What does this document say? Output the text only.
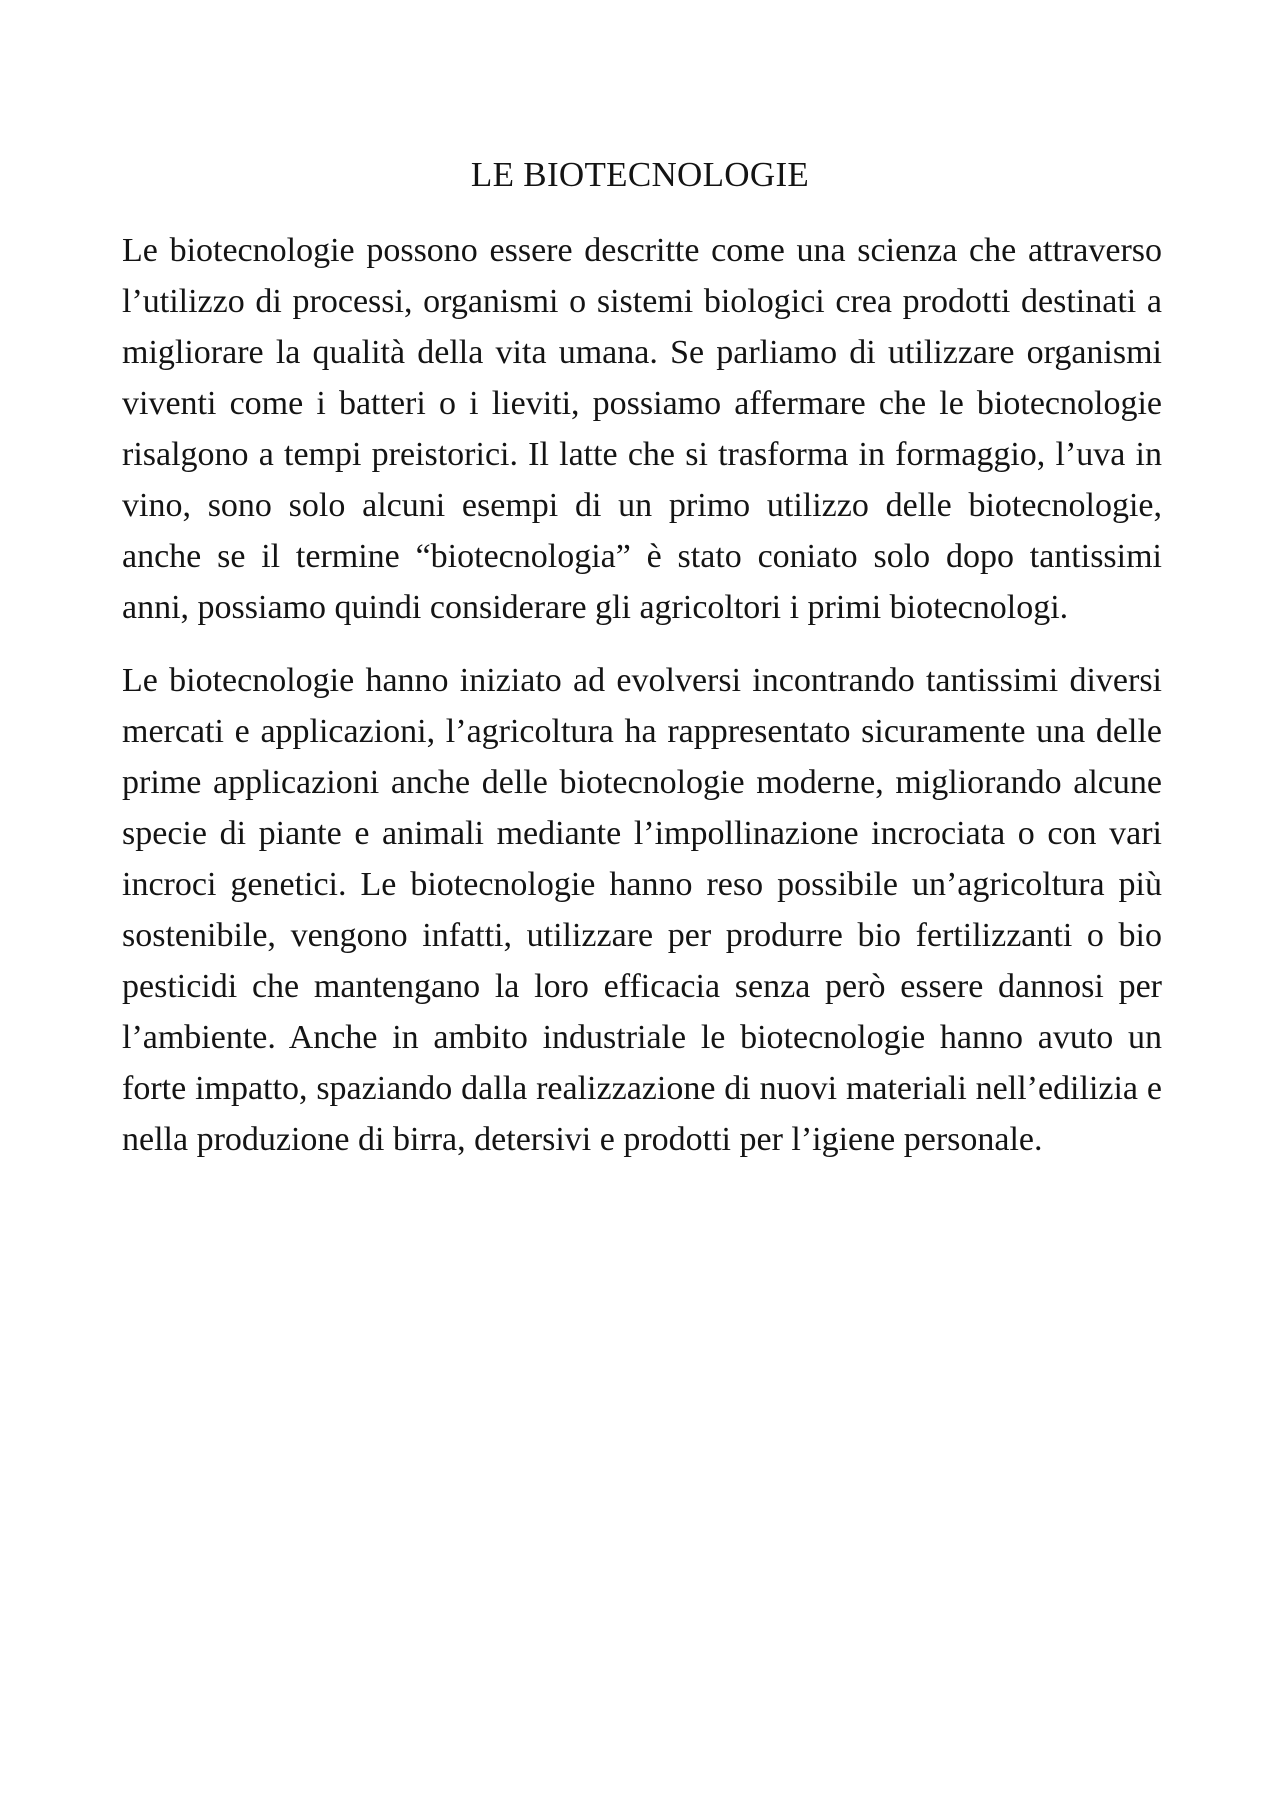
LE BIOTECNOLOGIE

Le biotecnologie possono essere descritte come una scienza che attraverso l’utilizzo di processi, organismi o sistemi biologici crea prodotti destinati a migliorare la qualità della vita umana. Se parliamo di utilizzare organismi viventi come i batteri o i lieviti, possiamo affermare che le biotecnologie risalgono a tempi preistorici. Il latte che si trasforma in formaggio, l’uva in vino, sono solo alcuni esempi di un primo utilizzo delle biotecnologie, anche se il termine “biotecnologia” è stato coniato solo dopo tantissimi anni, possiamo quindi considerare gli agricoltori i primi biotecnologi.

Le biotecnologie hanno iniziato ad evolversi incontrando tantissimi diversi mercati e applicazioni, l’agricoltura ha rappresentato sicuramente una delle prime applicazioni anche delle biotecnologie moderne, migliorando alcune specie di piante e animali mediante l’impollinazione incrociata o con vari incroci genetici. Le biotecnologie hanno reso possibile un’agricoltura più sostenibile, vengono infatti, utilizzare per produrre bio fertilizzanti o bio pesticidi che mantengano la loro efficacia senza però essere dannosi per l’ambiente. Anche in ambito industriale le biotecnologie hanno avuto un forte impatto, spaziando dalla realizzazione di nuovi materiali nell’edilizia e nella produzione di birra, detersivi e prodotti per l’igiene personale.
